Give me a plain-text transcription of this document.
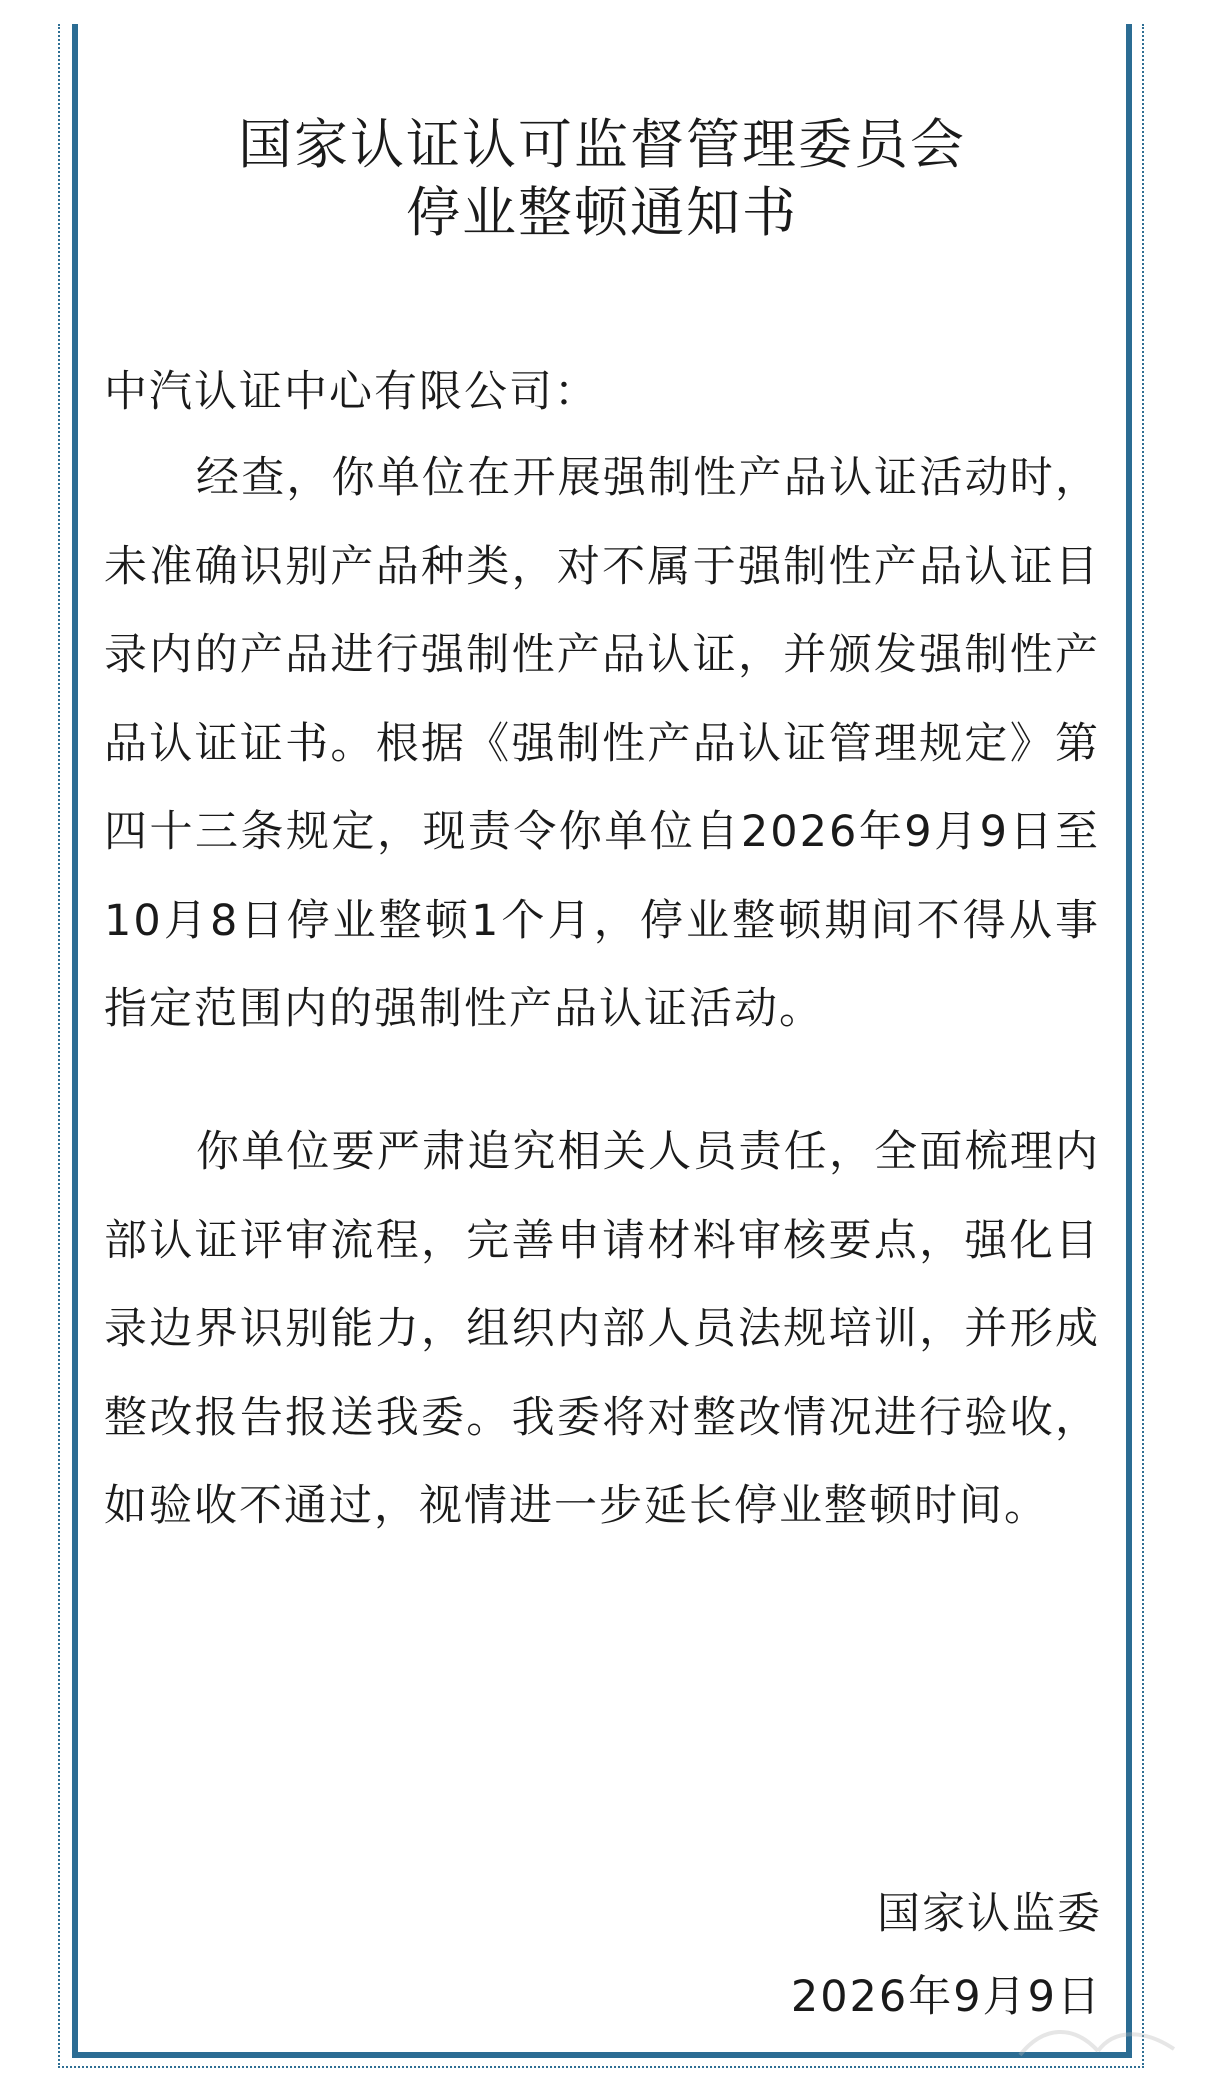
国家认证认可监督管理委员会
停业整顿通知书
中汽认证中心有限公司：
经查，你单位在开展强制性产品认证活动时，未准确识别产品种类，对不属于强制性产品认证目录内的产品进行强制性产品认证，并颁发强制性产品认证证书。根据《强制性产品认证管理规定》第四十三条规定，现责令你单位自2026年9月9日至10月8日停业整顿1个月，停业整顿期间不得从事指定范围内的强制性产品认证活动。
你单位要严肃追究相关人员责任，全面梳理内部认证评审流程，完善申请材料审核要点，强化目录边界识别能力，组织内部人员法规培训，并形成整改报告报送我委。我委将对整改情况进行验收，如验收不通过，视情进一步延长停业整顿时间。
国家认监委
2026年9月9日
